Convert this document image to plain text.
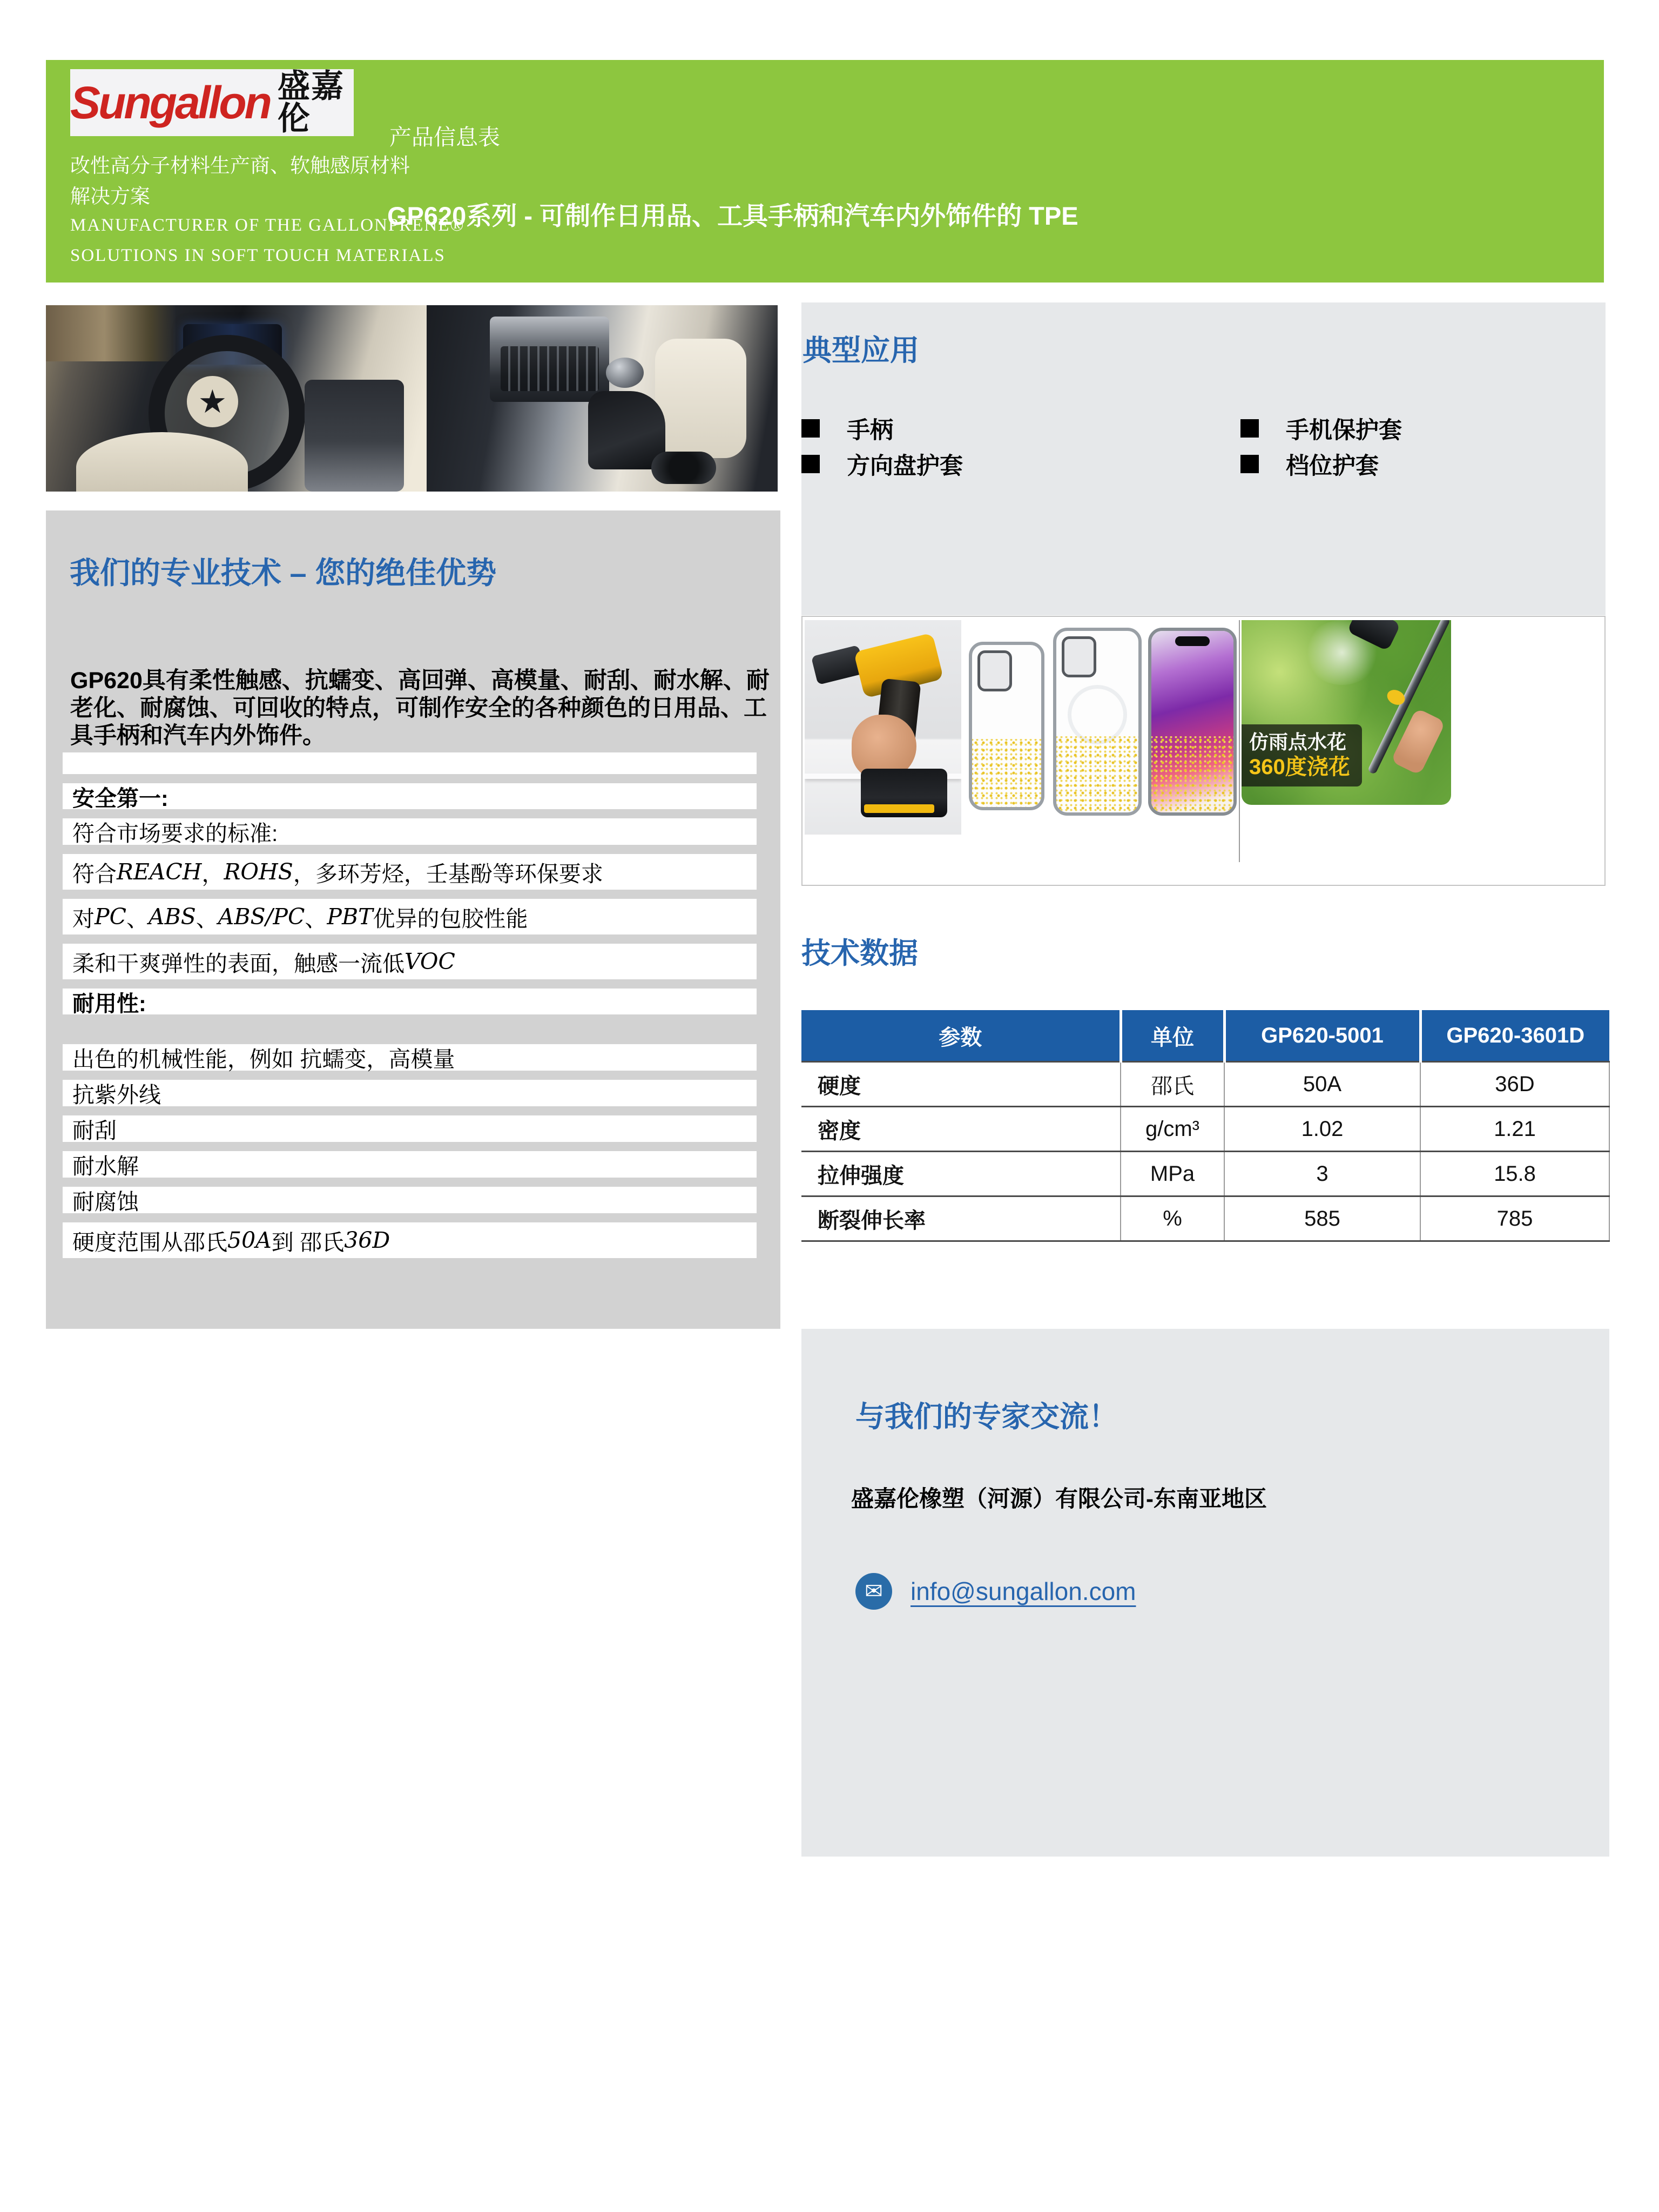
Sungallon 盛嘉伦
改性高分子材料生产商、软触感原材料
解决方案
MANUFACTURER OF THE GALLONPRENE®
SOLUTIONS IN SOFT TOUCH MATERIALS
产品信息表
GP620系列 - 可制作日用品、工具手柄和汽车内外饰件的 TPE
★
典型应用
手柄
方向盘护套
手机保护套
档位护套
我们的专业技术 – 您的绝佳优势
GP620具有柔性触感、抗蠕变、高回弹、高模量、耐刮、耐水解、耐老化、耐腐蚀、可回收的特点，可制作安全的各种颜色的日用品、工具手柄和汽车内外饰件。
安全第一:
符合市场要求的标准:
符合 REACH ， ROHS ，多环芳烃，壬基酚等环保要求
对 PC 、 ABS 、 ABS/PC 、 PBT 优异的包胶性能
柔和干爽弹性的表面，触感一流低 VOC
耐用性:
出色的机械性能，例如 抗蠕变，高模量
抗紫外线
耐刮
耐水解
耐腐蚀
硬度范围从邵氏 50A 到 邵氏 36D
仿雨点水花
360度浇花
技术数据
参数	单位	GP620-5001	GP620-3601D
硬度	邵氏	50A	36D
密度	g/cm³	1.02	1.21
拉伸强度	MPa	3	15.8
断裂伸长率	%	585	785
与我们的专家交流！
盛嘉伦橡塑（河源）有限公司-东南亚地区
✉	info@sungallon.com
